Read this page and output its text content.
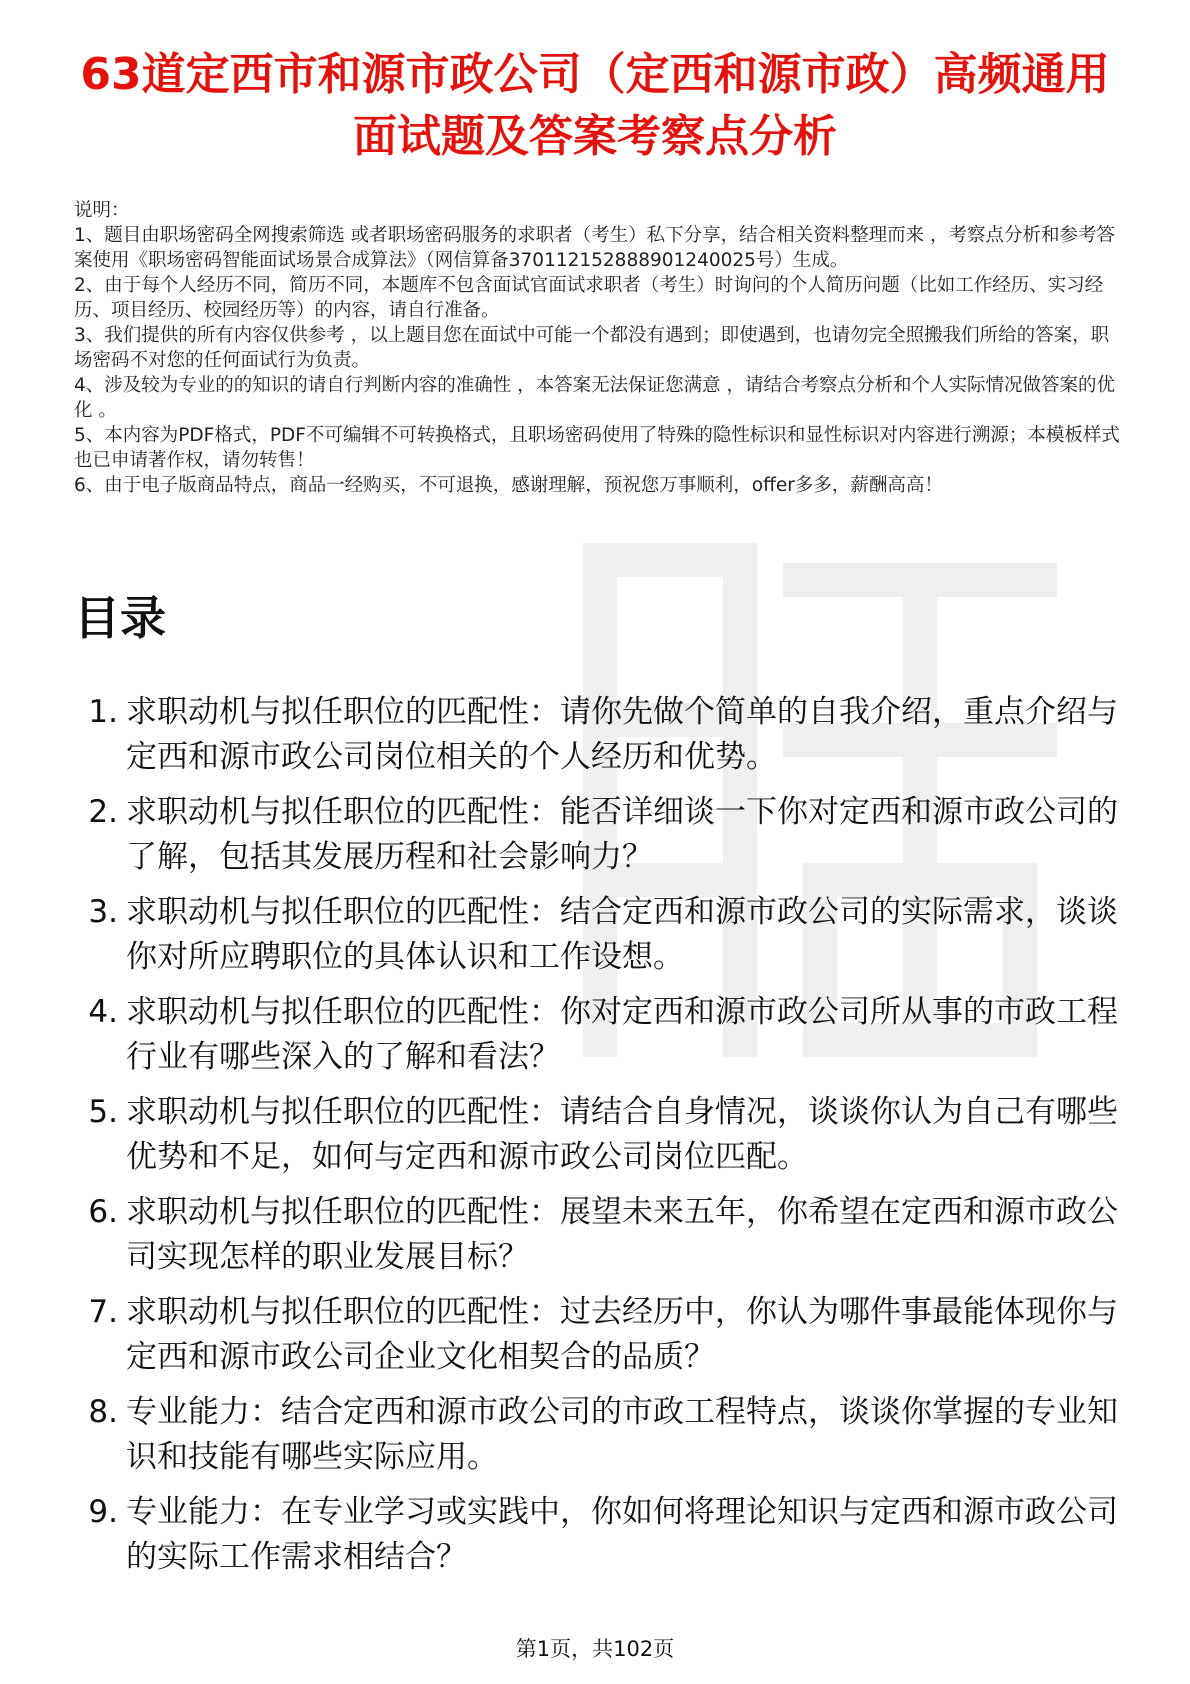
63道定西市和源市政公司（定西和源市政）高频通用面试题及答案考察点分析

说明：

1、题目由职场密码全网搜索筛选 或者职场密码服务的求职者（考生）私下分享，结合相关资料整理而来 ，考察点分析和参考答案使用《职场密码智能面试场景合成算法》（网信算备370112152888901240025号）生成。

2、由于每个人经历不同，简历不同，本题库不包含面试官面试求职者（考生）时询问的个人简历问题（比如工作经历、实习经历、项目经历、校园经历等）的内容，请自行准备。

3、我们提供的所有内容仅供参考 ，以上题目您在面试中可能一个都没有遇到；即使遇到，也请勿完全照搬我们所给的答案，职场密码不对您的任何面试行为负责。

4、涉及较为专业的的知识的请自行判断内容的准确性 ，本答案无法保证您满意 ，请结合考察点分析和个人实际情况做答案的优化 。

5、本内容为PDF格式，PDF不可编辑不可转换格式，且职场密码使用了特殊的隐性标识和显性标识对内容进行溯源；本模板样式也已申请著作权，请勿转售！

6、由于电子版商品特点，商品一经购买，不可退换，感谢理解，预祝您万事顺利，offer多多，薪酬高高！

目录
1. 求职动机与拟任职位的匹配性：请你先做个简单的自我介绍，重点介绍与定西和源市政公司岗位相关的个人经历和优势。
2. 求职动机与拟任职位的匹配性：能否详细谈一下你对定西和源市政公司的了解，包括其发展历程和社会影响力？
3. 求职动机与拟任职位的匹配性：结合定西和源市政公司的实际需求，谈谈你对所应聘职位的具体认识和工作设想。
4. 求职动机与拟任职位的匹配性：你对定西和源市政公司所从事的市政工程行业有哪些深入的了解和看法？
5. 求职动机与拟任职位的匹配性：请结合自身情况，谈谈你认为自己有哪些优势和不足，如何与定西和源市政公司岗位匹配。
6. 求职动机与拟任职位的匹配性：展望未来五年，你希望在定西和源市政公司实现怎样的职业发展目标？
7. 求职动机与拟任职位的匹配性：过去经历中，你认为哪件事最能体现你与定西和源市政公司企业文化相契合的品质？
8. 专业能力：结合定西和源市政公司的市政工程特点，谈谈你掌握的专业知识和技能有哪些实际应用。
9. 专业能力：在专业学习或实践中，你如何将理论知识与定西和源市政公司的实际工作需求相结合？
第1页，共102页
